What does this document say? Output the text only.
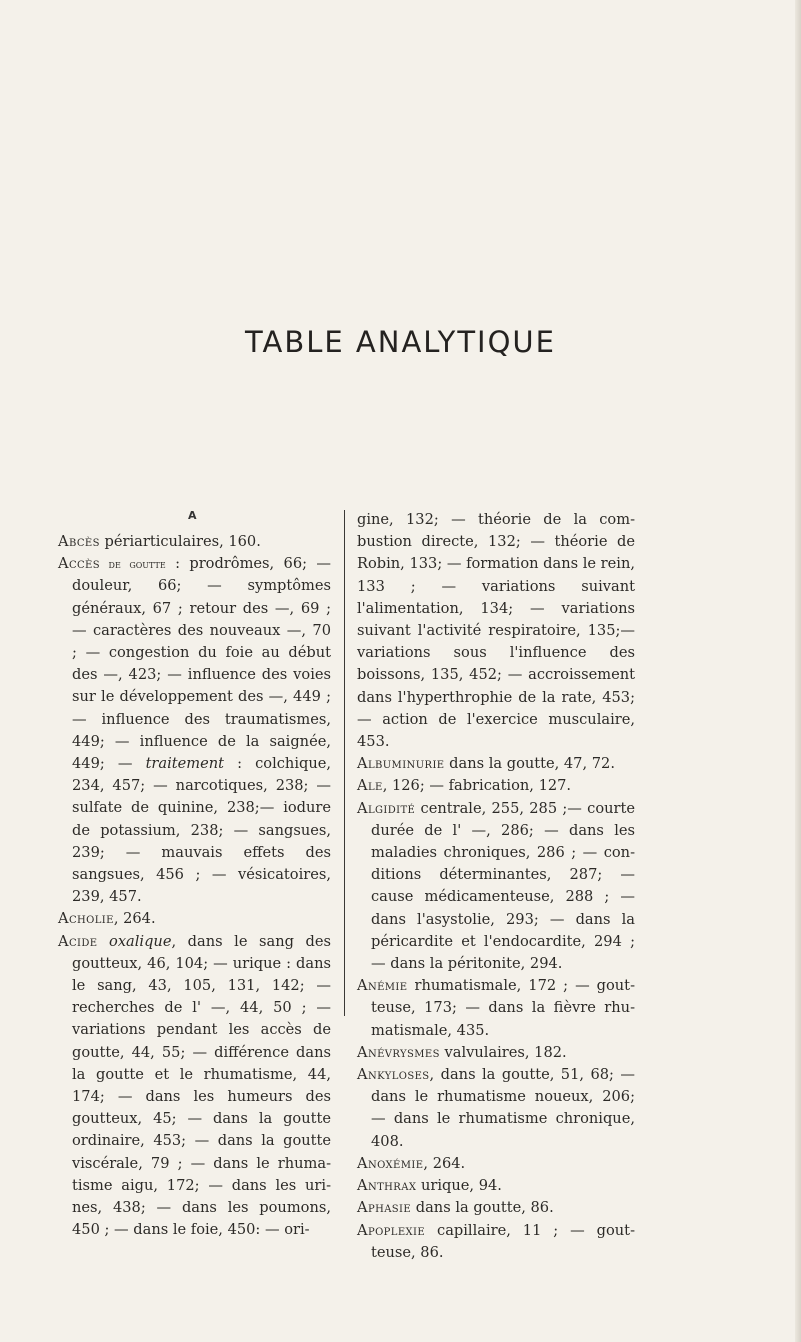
TABLE ANALYTIQUE
A

Abcès périarticulaires, 160.

Accès de goutte : prodrômes, 66; — douleur, 66; — symptômes généraux, 67 ; retour des —, 69 ; — caractères des nouveaux —, 70 ; — congestion du foie au début des —, 423; — influence des voies sur le développement des —, 449 ; — influence des traumatismes, 449; — influence de la saignée, 449; — traitement : colchique, 234, 457; — narcotiques, 238; — sulfate de quinine, 238;— iodure de potassium, 238; — sangsues, 239; — mauvais effets des sangsues, 456 ; — vésicatoires, 239, 457.

Acholie, 264.

Acide oxalique, dans le sang des goutteux, 46, 104; — urique : dans le sang, 43, 105, 131, 142; — recherches de l' —, 44, 50 ; — variations pendant les accès de goutte, 44, 55; — différence dans la goutte et le rhumatisme, 44, 174; — dans les humeurs des goutteux, 45; — dans la goutte ordinaire, 453; — dans la goutte viscérale, 79 ; — dans le rhumatisme aigu, 172; — dans les urines, 438; — dans les poumons, 450 ; — dans le foie, 450: — ori-

gine, 132; — théorie de la combustion directe, 132; — théorie de Robin, 133; — formation dans le rein, 133 ; — variations suivant l'alimentation, 134; — variations suivant l'activité respiratoire, 135;— variations sous l'influence des boissons, 135, 452; — accroissement dans l'hyperthrophie de la rate, 453; — action de l'exercice musculaire, 453.

Albuminurie dans la goutte, 47, 72.

Ale, 126; — fabrication, 127.

Algidité centrale, 255, 285 ;— courte durée de l' —, 286; — dans les maladies chroniques, 286 ; — conditions déterminantes, 287; — cause médicamenteuse, 288 ; — dans l'asystolie, 293; — dans la péricardite et l'endocardite, 294 ; — dans la péritonite, 294.

Anémie rhumatismale, 172 ; — goutteuse, 173; — dans la fièvre rhumatismale, 435.

Anévrysmes valvulaires, 182.

Ankyloses, dans la goutte, 51, 68; — dans le rhumatisme noueux, 206; — dans le rhumatisme chronique, 408.

Anoxémie, 264.

Anthrax urique, 94.

Aphasie dans la goutte, 86.

Apoplexie capillaire, 11 ; — goutteuse, 86.
